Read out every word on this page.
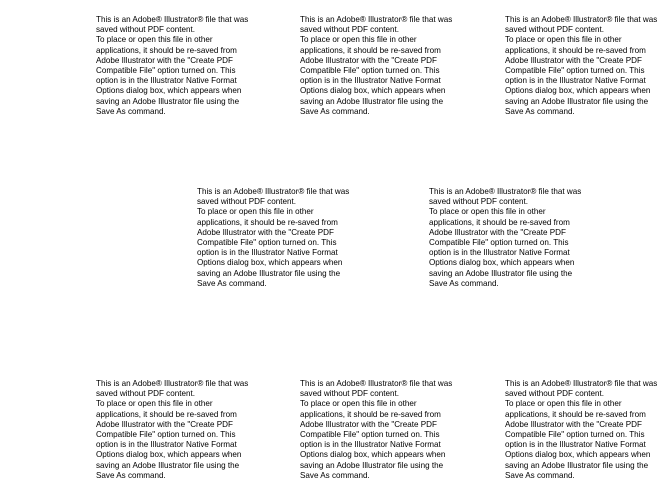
This is an Adobe® Illustrator® file that was
saved without PDF content.
To place or open this file in other
applications, it should be re-saved from
Adobe Illustrator with the "Create PDF
Compatible File" option turned on. This
option is in the Illustrator Native Format
Options dialog box, which appears when
saving an Adobe Illustrator file using the
Save As command.
This is an Adobe® Illustrator® file that was
saved without PDF content.
To place or open this file in other
applications, it should be re-saved from
Adobe Illustrator with the "Create PDF
Compatible File" option turned on. This
option is in the Illustrator Native Format
Options dialog box, which appears when
saving an Adobe Illustrator file using the
Save As command.
This is an Adobe® Illustrator® file that was
saved without PDF content.
To place or open this file in other
applications, it should be re-saved from
Adobe Illustrator with the "Create PDF
Compatible File" option turned on. This
option is in the Illustrator Native Format
Options dialog box, which appears when
saving an Adobe Illustrator file using the
Save As command.
This is an Adobe® Illustrator® file that was
saved without PDF content.
To place or open this file in other
applications, it should be re-saved from
Adobe Illustrator with the "Create PDF
Compatible File" option turned on. This
option is in the Illustrator Native Format
Options dialog box, which appears when
saving an Adobe Illustrator file using the
Save As command.
This is an Adobe® Illustrator® file that was
saved without PDF content.
To place or open this file in other
applications, it should be re-saved from
Adobe Illustrator with the "Create PDF
Compatible File" option turned on. This
option is in the Illustrator Native Format
Options dialog box, which appears when
saving an Adobe Illustrator file using the
Save As command.
This is an Adobe® Illustrator® file that was
saved without PDF content.
To place or open this file in other
applications, it should be re-saved from
Adobe Illustrator with the "Create PDF
Compatible File" option turned on. This
option is in the Illustrator Native Format
Options dialog box, which appears when
saving an Adobe Illustrator file using the
Save As command.
This is an Adobe® Illustrator® file that was
saved without PDF content.
To place or open this file in other
applications, it should be re-saved from
Adobe Illustrator with the "Create PDF
Compatible File" option turned on. This
option is in the Illustrator Native Format
Options dialog box, which appears when
saving an Adobe Illustrator file using the
Save As command.
This is an Adobe® Illustrator® file that was
saved without PDF content.
To place or open this file in other
applications, it should be re-saved from
Adobe Illustrator with the "Create PDF
Compatible File" option turned on. This
option is in the Illustrator Native Format
Options dialog box, which appears when
saving an Adobe Illustrator file using the
Save As command.
